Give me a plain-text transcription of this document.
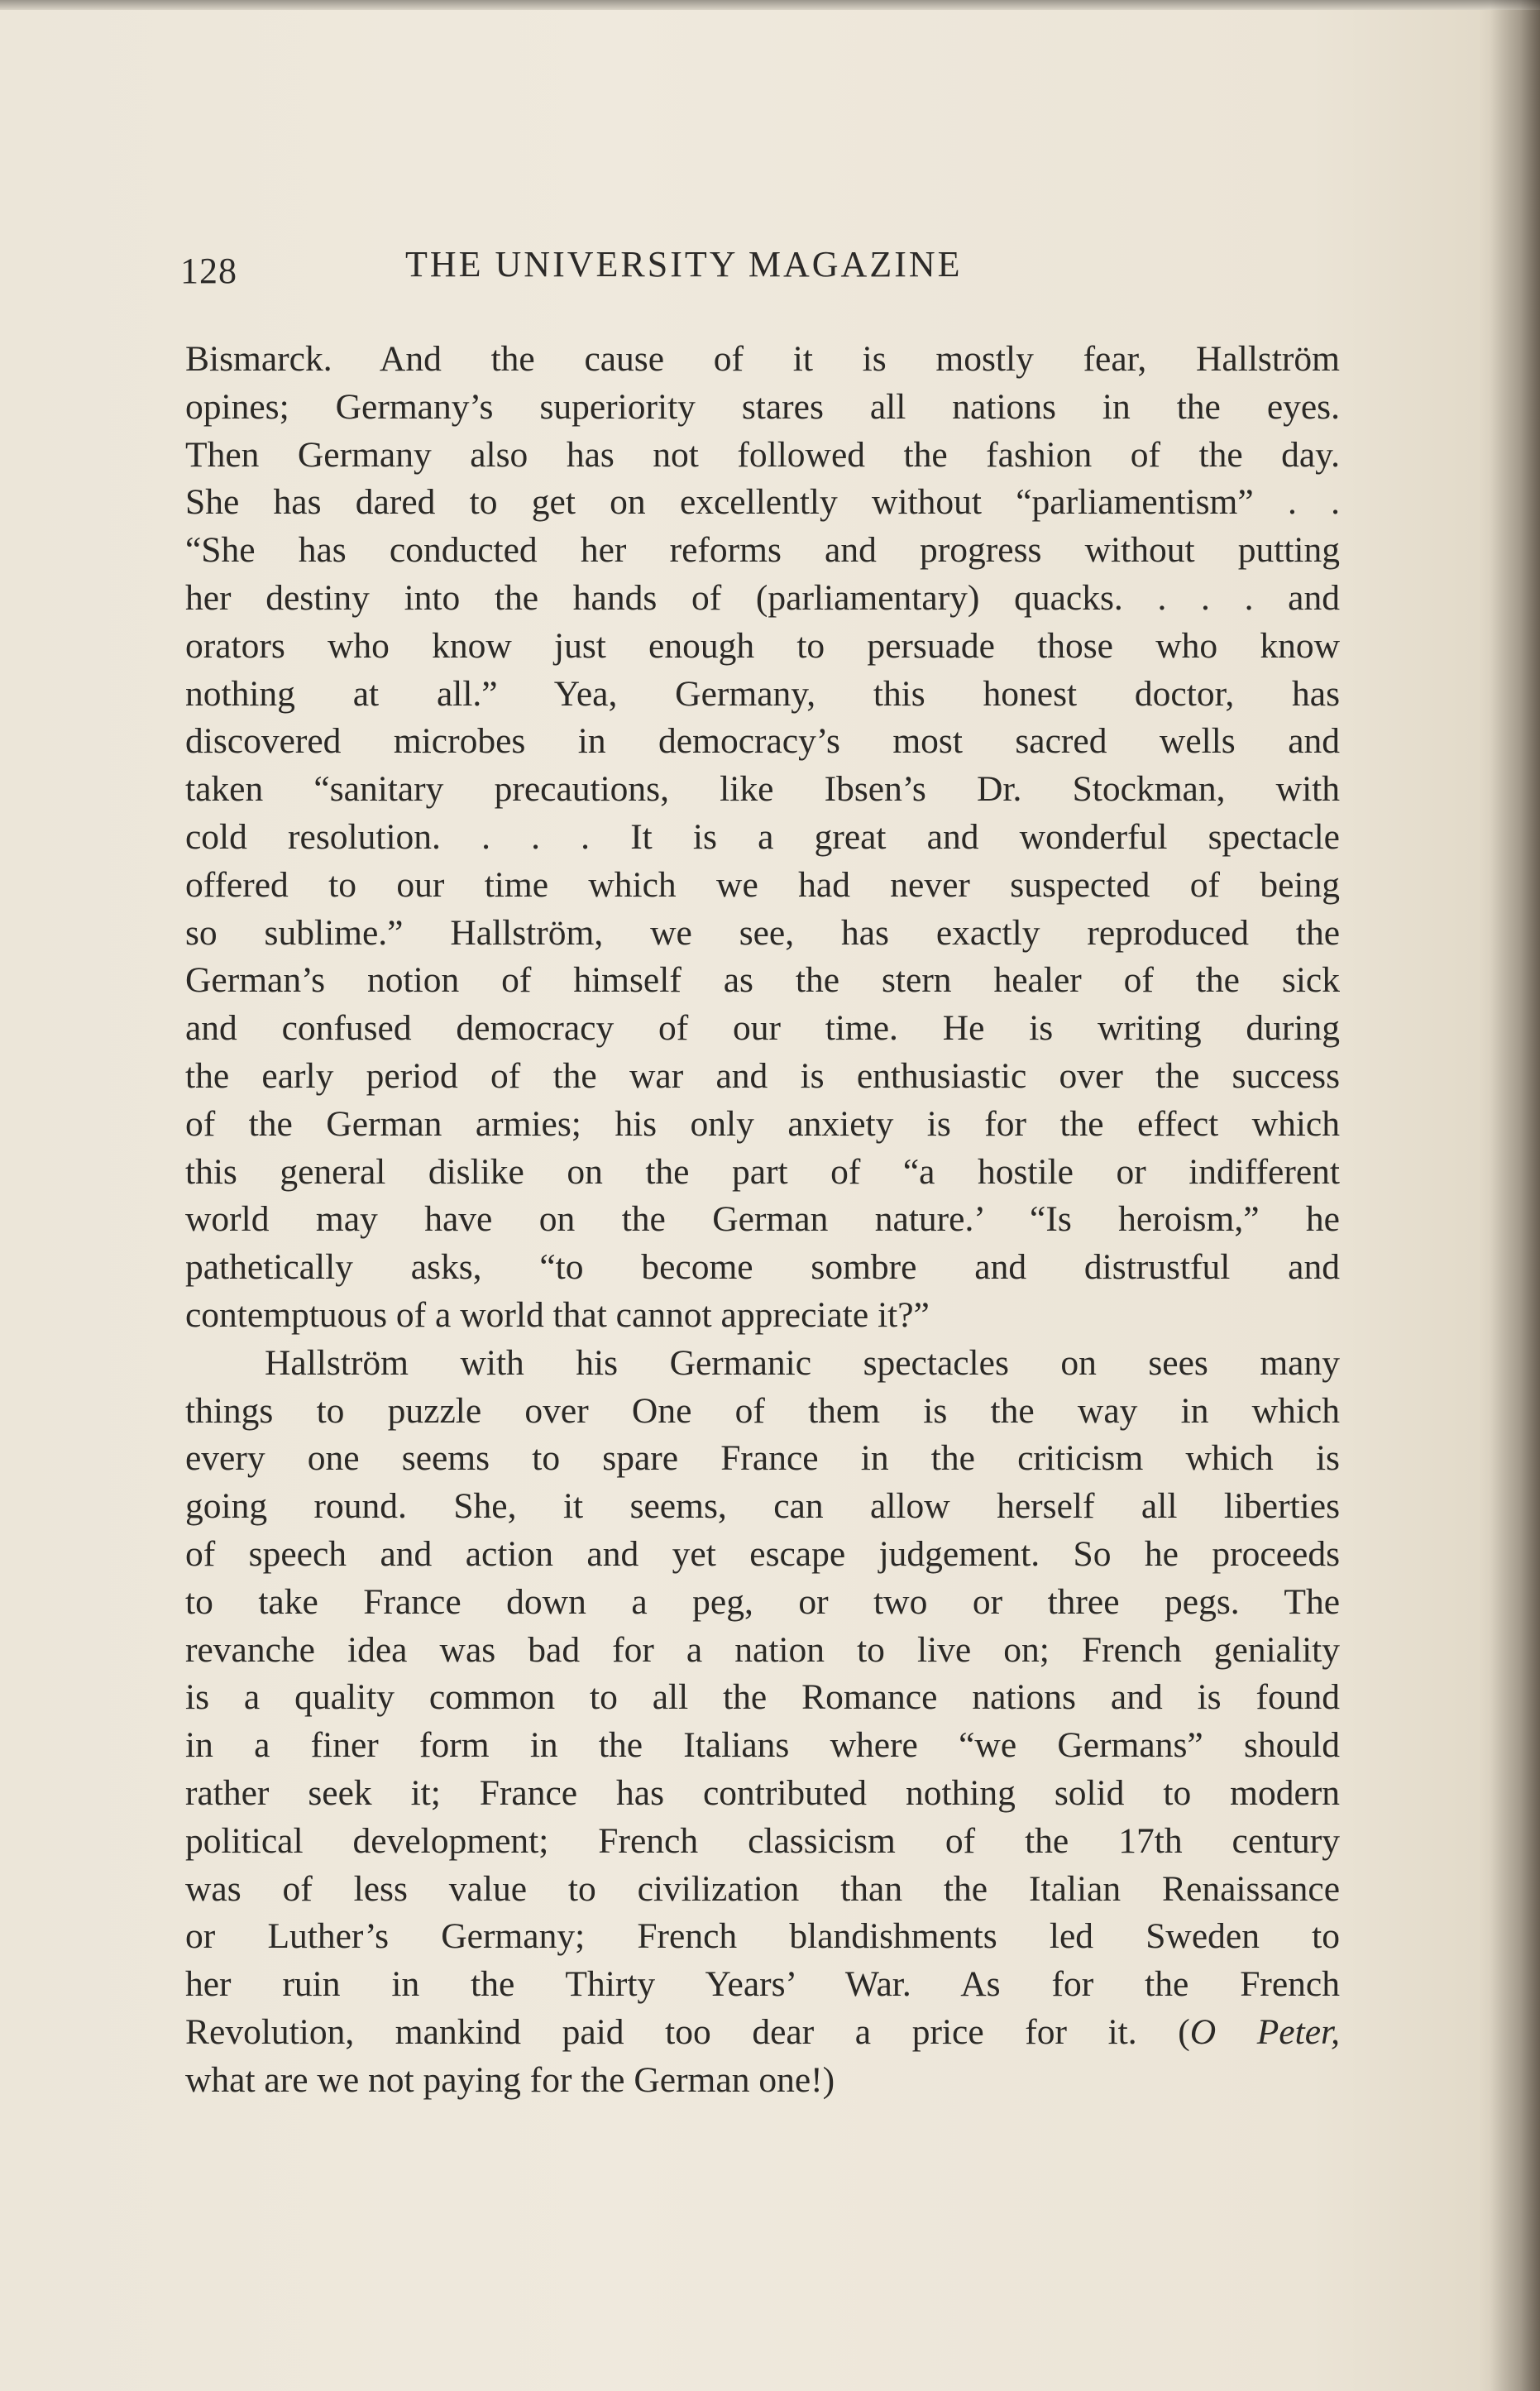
128	THE UNIVERSITY MAGAZINE
Bismarck. And the cause of it is mostly fear, Hallström
opines; Germany’s superiority stares all nations in the eyes.
Then Germany also has not followed the fashion of the day.
She has dared to get on excellently without “parliamentism” . .
“She has conducted her reforms and progress without putting
her destiny into the hands of (parliamentary) quacks. . . . and
orators who know just enough to persuade those who know
nothing at all.” Yea, Germany, this honest doctor, has
discovered microbes in democracy’s most sacred wells and
taken “sanitary precautions, like Ibsen’s Dr. Stockman, with
cold resolution. . . . It is a great and wonderful spectacle
offered to our time which we had never suspected of being
so sublime.” Hallström, we see, has exactly reproduced the
German’s notion of himself as the stern healer of the sick
and confused democracy of our time. He is writing during
the early period of the war and is enthusiastic over the success
of the German armies; his only anxiety is for the effect which
this general dislike on the part of “a hostile or indifferent
world may have on the German nature.’ “Is heroism,” he
pathetically asks, “to become sombre and distrustful and
contemptuous of a world that cannot appreciate it?”
Hallström with his Germanic spectacles on sees many
things to puzzle over One of them is the way in which
every one seems to spare France in the criticism which is
going round. She, it seems, can allow herself all liberties
of speech and action and yet escape judgement. So he proceeds
to take France down a peg, or two or three pegs. The
revanche idea was bad for a nation to live on; French geniality
is a quality common to all the Romance nations and is found
in a finer form in the Italians where “we Germans” should
rather seek it; France has contributed nothing solid to modern
political development; French classicism of the 17th century
was of less value to civilization than the Italian Renaissance
or Luther’s Germany; French blandishments led Sweden to
her ruin in the Thirty Years’ War. As for the French
Revolution, mankind paid too dear a price for it. (O Peter,
what are we not paying for the German one!)
